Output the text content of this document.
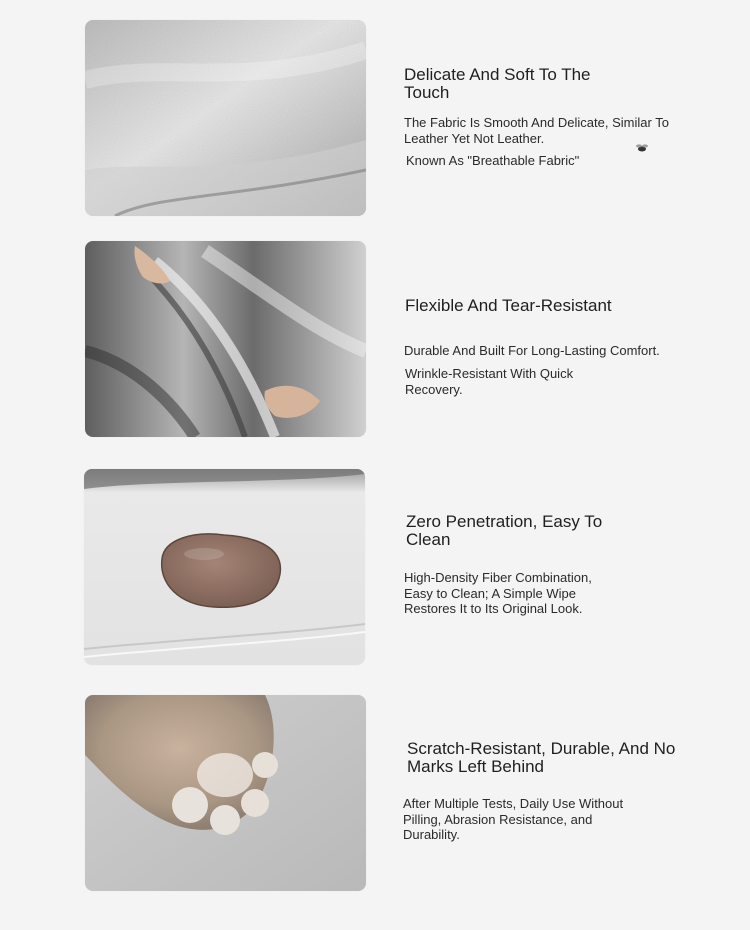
Delicate And Soft To The Touch

The Fabric Is Smooth And Delicate, Similar To Leather Yet Not Leather.

Known As "Breathable Fabric"

Flexible And Tear-Resistant

Durable And Built For Long-Lasting Comfort.

Wrinkle-Resistant With Quick Recovery.

Zero Penetration, Easy To Clean

High-Density Fiber Combination, Easy to Clean; A Simple Wipe Restores It to Its Original Look.

Scratch-Resistant, Durable, And No Marks Left Behind

After Multiple Tests, Daily Use Without Pilling, Abrasion Resistance, and Durability.
